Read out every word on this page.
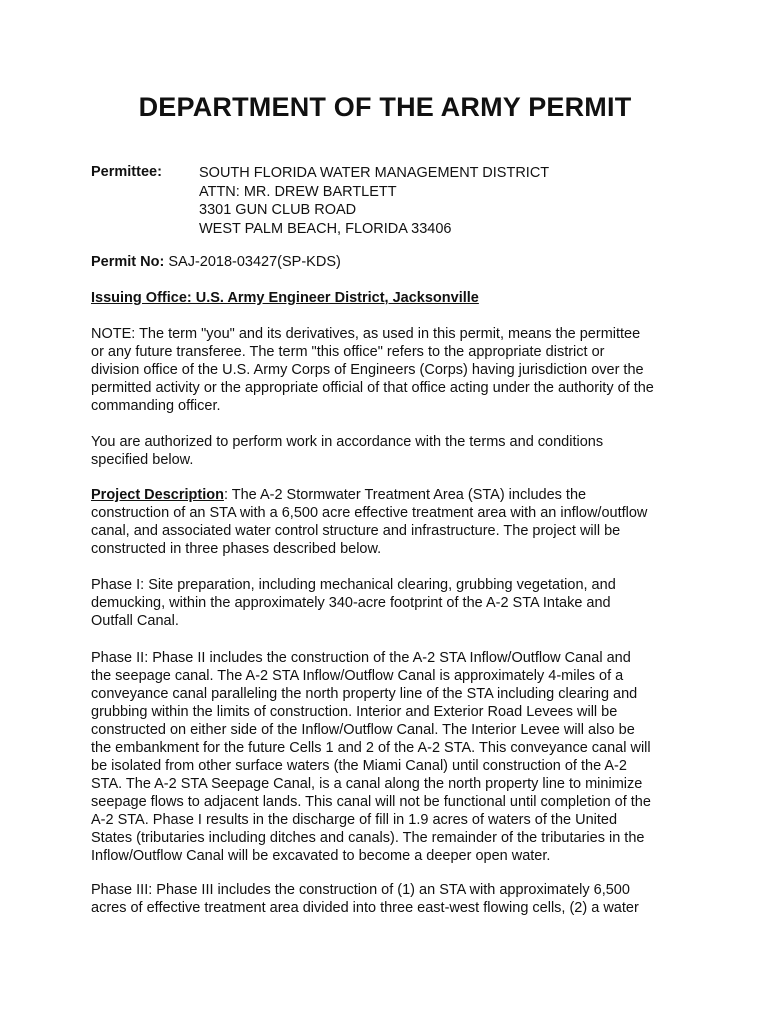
DEPARTMENT OF THE ARMY PERMIT
Permittee:	SOUTH FLORIDA WATER MANAGEMENT DISTRICT
ATTN: MR. DREW BARTLETT
3301 GUN CLUB ROAD
WEST PALM BEACH, FLORIDA 33406
Permit No: SAJ-2018-03427(SP-KDS)
Issuing Office: U.S. Army Engineer District, Jacksonville
NOTE: The term "you" and its derivatives, as used in this permit, means the permittee
or any future transferee. The term "this office" refers to the appropriate district or
division office of the U.S. Army Corps of Engineers (Corps) having jurisdiction over the
permitted activity or the appropriate official of that office acting under the authority of the
commanding officer.
You are authorized to perform work in accordance with the terms and conditions
specified below.
Project Description: The A-2 Stormwater Treatment Area (STA) includes the
construction of an STA with a 6,500 acre effective treatment area with an inflow/outflow
canal, and associated water control structure and infrastructure. The project will be
constructed in three phases described below.
Phase I: Site preparation, including mechanical clearing, grubbing vegetation, and
demucking, within the approximately 340-acre footprint of the A-2 STA Intake and
Outfall Canal.
Phase II: Phase II includes the construction of the A-2 STA Inflow/Outflow Canal and
the seepage canal. The A-2 STA Inflow/Outflow Canal is approximately 4-miles of a
conveyance canal paralleling the north property line of the STA including clearing and
grubbing within the limits of construction. Interior and Exterior Road Levees will be
constructed on either side of the Inflow/Outflow Canal. The Interior Levee will also be
the embankment for the future Cells 1 and 2 of the A-2 STA. This conveyance canal will
be isolated from other surface waters (the Miami Canal) until construction of the A-2
STA. The A-2 STA Seepage Canal, is a canal along the north property line to minimize
seepage flows to adjacent lands. This canal will not be functional until completion of the
A-2 STA. Phase I results in the discharge of fill in 1.9 acres of waters of the United
States (tributaries including ditches and canals). The remainder of the tributaries in the
Inflow/Outflow Canal will be excavated to become a deeper open water.
Phase III: Phase III includes the construction of (1) an STA with approximately 6,500
acres of effective treatment area divided into three east-west flowing cells, (2) a water
